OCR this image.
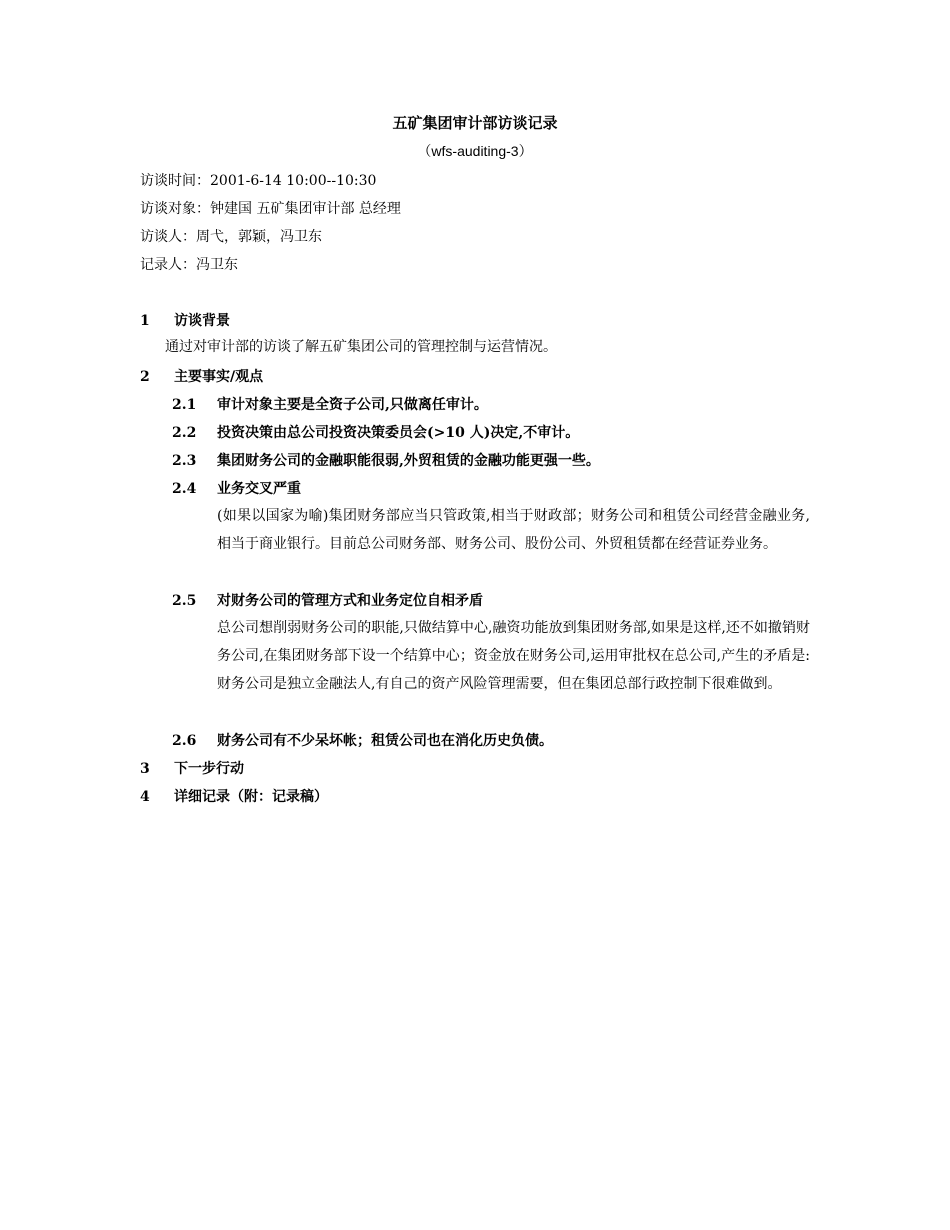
五矿集团审计部访谈记录
（wfs-auditing-3）
访谈时间：2001-6-14 10:00--10:30
访谈对象：钟建国 五矿集团审计部 总经理
访谈人：周弋，郭颖，冯卫东
记录人：冯卫东
1 访谈背景
通过对审计部的访谈了解五矿集团公司的管理控制与运营情况。
2 主要事实/观点
2.1 审计对象主要是全资子公司,只做离任审计。
2.2 投资决策由总公司投资决策委员会(>10 人)决定,不审计。
2.3 集团财务公司的金融职能很弱,外贸租赁的金融功能更强一些。
2.4 业务交叉严重
(如果以国家为喻)集团财务部应当只管政策,相当于财政部；财务公司和租赁公司经营金融业务,相当于商业银行。目前总公司财务部、财务公司、股份公司、外贸租赁都在经营证券业务。
2.5 对财务公司的管理方式和业务定位自相矛盾
总公司想削弱财务公司的职能,只做结算中心,融资功能放到集团财务部,如果是这样,还不如撤销财务公司,在集团财务部下设一个结算中心；资金放在财务公司,运用审批权在总公司,产生的矛盾是:财务公司是独立金融法人,有自己的资产风险管理需要，但在集团总部行政控制下很难做到。
2.6 财务公司有不少呆坏帐；租赁公司也在消化历史负债。
3 下一步行动
4 详细记录（附：记录稿）
